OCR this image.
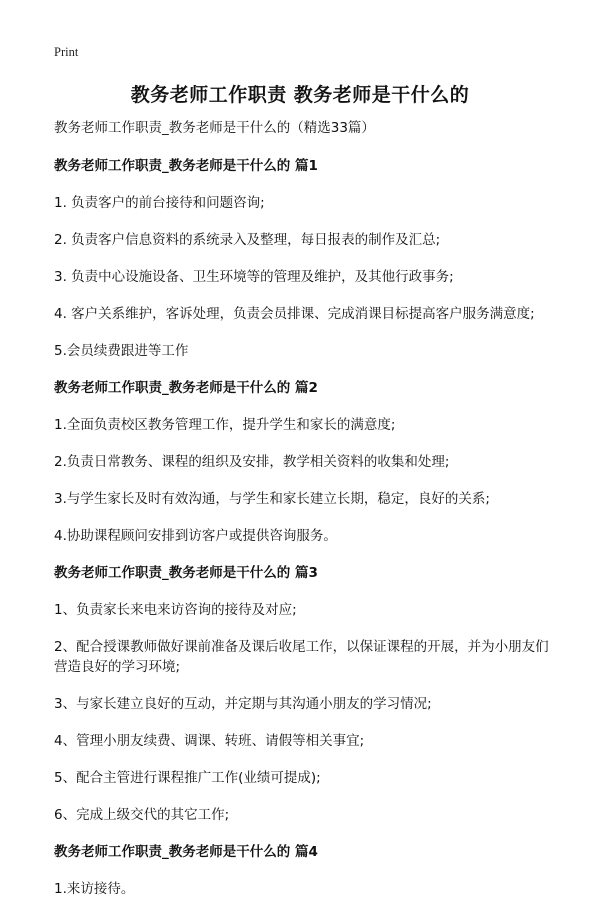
Print
教务老师工作职责 教务老师是干什么的
教务老师工作职责_教务老师是干什么的（精选33篇）
教务老师工作职责_教务老师是干什么的 篇1
1. 负责客户的前台接待和问题咨询;
2. 负责客户信息资料的系统录入及整理，每日报表的制作及汇总;
3. 负责中心设施设备、卫生环境等的管理及维护，及其他行政事务;
4. 客户关系维护，客诉处理，负责会员排课、完成消课目标提高客户服务满意度;
5.会员续费跟进等工作
教务老师工作职责_教务老师是干什么的 篇2
1.全面负责校区教务管理工作，提升学生和家长的满意度;
2.负责日常教务、课程的组织及安排，教学相关资料的收集和处理;
3.与学生家长及时有效沟通，与学生和家长建立长期，稳定，良好的关系;
4.协助课程顾问安排到访客户或提供咨询服务。
教务老师工作职责_教务老师是干什么的 篇3
1、负责家长来电来访咨询的接待及对应;
2、配合授课教师做好课前准备及课后收尾工作，以保证课程的开展，并为小朋友们营造良好的学习环境;
3、与家长建立良好的互动，并定期与其沟通小朋友的学习情况;
4、管理小朋友续费、调课、转班、请假等相关事宜;
5、配合主管进行课程推广工作(业绩可提成);
6、完成上级交代的其它工作;
教务老师工作职责_教务老师是干什么的 篇4
1.来访接待。
